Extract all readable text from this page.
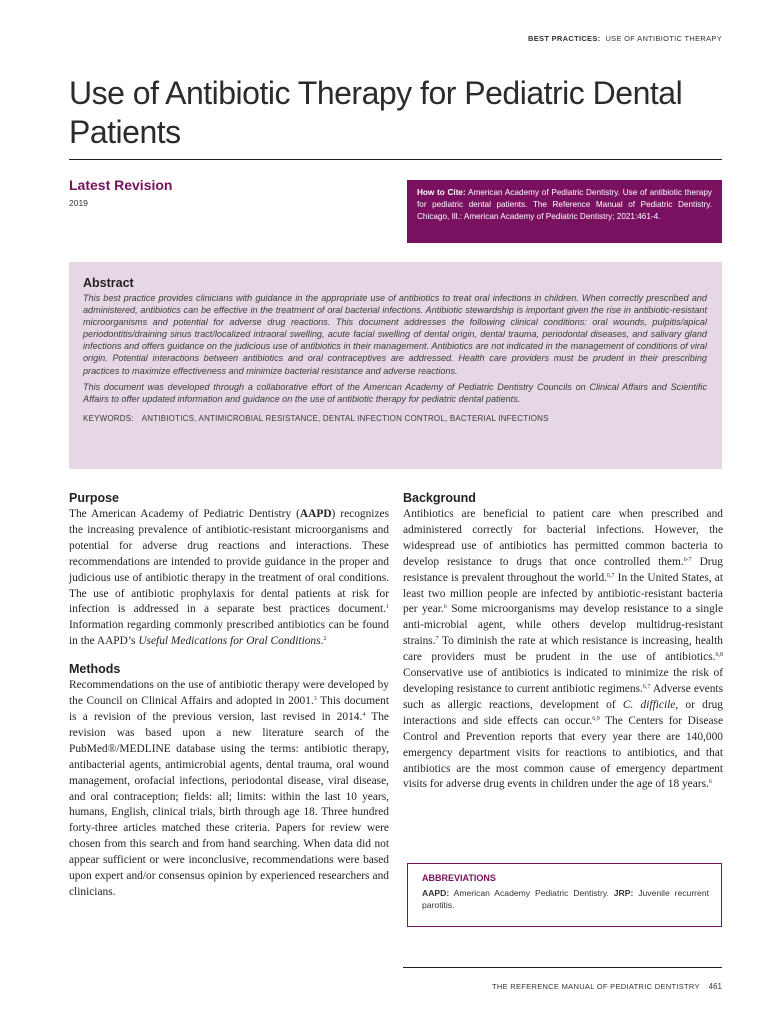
BEST PRACTICES: USE OF ANTIBIOTIC THERAPY
Use of Antibiotic Therapy for Pediatric Dental Patients
Latest Revision
2019
How to Cite: American Academy of Pediatric Dentistry. Use of antibiotic therapy for pediatric dental patients. The Reference Manual of Pediatric Dentistry. Chicago, Ill.: American Academy of Pediatric Dentistry; 2021:461-4.
Abstract

This best practice provides clinicians with guidance in the appropriate use of antibiotics to treat oral infections in children. When correctly prescribed and administered, antibiotics can be effective in the treatment of oral bacterial infections. Antibiotic stewardship is important given the rise in antibiotic-resistant microorganisms and potential for adverse drug reactions. This document addresses the following clinical conditions: oral wounds, pulpitis/apical periodontitis/draining sinus tract/localized intraoral swelling, acute facial swelling of dental origin, dental trauma, periodontal diseases, and salivary gland infections and offers guidance on the judicious use of antibiotics in their management. Antibiotics are not indicated in the management of conditions of viral origin. Potential interactions between antibiotics and oral contraceptives are addressed. Health care providers must be prudent in their prescribing practices to maximize effectiveness and minimize bacterial resistance and adverse reactions.

This document was developed through a collaborative effort of the American Academy of Pediatric Dentistry Councils on Clinical Affairs and Scientific Affairs to offer updated information and guidance on the use of antibiotic therapy for pediatric dental patients.

KEYWORDS: ANTIBIOTICS, ANTIMICROBIAL RESISTANCE, DENTAL INFECTION CONTROL, BACTERIAL INFECTIONS
Purpose

The American Academy of Pediatric Dentistry (AAPD) recognizes the increasing prevalence of antibiotic-resistant microorganisms and potential for adverse drug reactions and interactions. These recommendations are intended to provide guidance in the proper and judicious use of antibiotic therapy in the treatment of oral conditions. The use of antibiotic prophylaxis for dental patients at risk for infection is addressed in a separate best practices document.$^1$ Information regarding commonly prescribed antibiotics can be found in the AAPD’s Useful Medications for Oral Conditions.$^2$

Methods

Recommendations on the use of antibiotic therapy were developed by the Council on Clinical Affairs and adopted in 2001.$^3$ This document is a revision of the previous version, last revised in 2014.$^4$ The revision was based upon a new literature search of the PubMed®/MEDLINE database using the terms: antibiotic therapy, antibacterial agents, antimicrobial agents, dental trauma, oral wound management, orofacial infections, periodontal disease, viral disease, and oral contraception; fields: all; limits: within the last 10 years, humans, English, clinical trials, birth through age 18. Three hundred forty-three articles matched these criteria. Papers for review were chosen from this search and from hand searching. When data did not appear sufficient or were inconclusive, recommendations were based upon expert and/or consensus opinion by experienced researchers and clinicians.

Background

Antibiotics are beneficial to patient care when prescribed and administered correctly for bacterial infections. However, the widespread use of antibiotics has permitted common bacteria to develop resistance to drugs that once controlled them.$^{6-7}$ Drug resistance is prevalent throughout the world.$^{6,7}$ In the United States, at least two million people are infected by antibiotic-resistant bacteria per year.$^6$ Some microorganisms may develop resistance to a single anti-microbial agent, while others develop multidrug-resistant strains.$^7$ To diminish the rate at which resistance is increasing, health care providers must be prudent in the use of antibiotics.$^{6,8}$ Conservative use of antibiotics is indicated to minimize the risk of developing resistance to current antibiotic regimens.$^{6,7}$ Adverse events such as allergic reactions, development of C. difficile, or drug interactions and side effects can occur.$^{6,9}$ The Centers for Disease Control and Prevention reports that every year there are 140,000 emergency department visits for reactions to antibiotics, and that antibiotics are the most common cause of emergency department visits for adverse drug events in children under the age of 18 years.$^6$

ABBREVIATIONS

AAPD: American Academy Pediatric Dentistry. JRP: Juvenile recurrent parotitis.

THE REFERENCE MANUAL OF PEDIATRIC DENTISTRY 461
